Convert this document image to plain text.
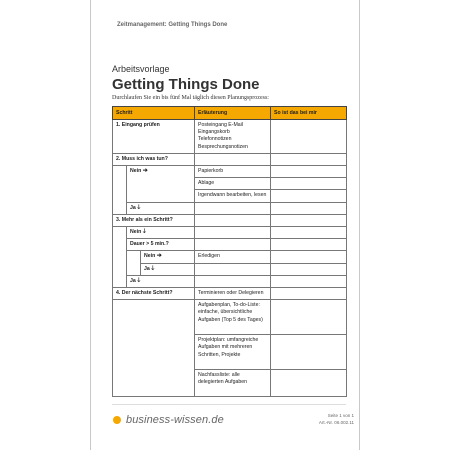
Zeitmanagement: Getting Things Done
Arbeitsvorlage
Getting Things Done
Durchlaufen Sie ein bis fünf Mal täglich diesen Planungsprozess:
Schritt			Erläuterung	So ist das bei mir
1. Eingang prüfen			Posteingang E-Mail
Eingangskorb
Telefonnotizen
Besprechungsnotizen	

2. Muss ich was tun?				
	Nein ➔		Papierkorb	
			Ablage	
			Irgendwann bearbeiten, lesen	
	Ja 🡓			
3. Mehr als ein Schritt?				
	Nein 🡓			
	Dauer > 5 min.?			
		Nein ➔	Erledigen	
		Ja 🡓		
	Ja 🡓			
4. Der nächste Schritt?			Terminieren oder Delegieren	

			Aufgabenplan, To-do-Liste:
einfache, übersichtliche
Aufgaben (Top 5 des Tages)	

			Projektplan: umfangreiche
Aufgaben mit mehreren
Schritten, Projekte	

			Nachfassliste: alle
delegierten Aufgaben	

business-wissen.de	Seite 1 von 1
Art.-Nr. 06.002.11
